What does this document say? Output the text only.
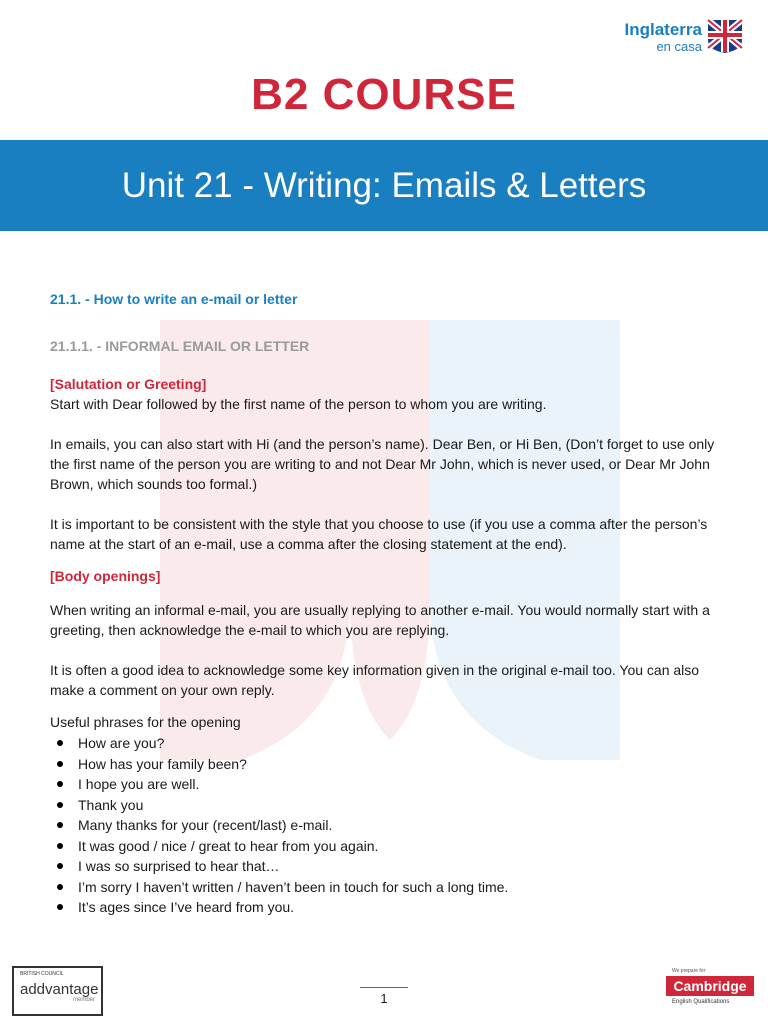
Inglaterra
en casa
B2 COURSE
Unit 21 - Writing: Emails & Letters
21.1. - How to write an e-mail or letter
21.1.1. - INFORMAL EMAIL OR LETTER
[Salutation or Greeting]
Start with Dear followed by the first name of the person to whom you are writing.
In emails, you can also start with Hi (and the person’s name). Dear Ben, or Hi Ben, (Don’t forget to use only the first name of the person you are writing to and not Dear Mr John, which is never used, or Dear Mr John Brown, which sounds too formal.)
It is important to be consistent with the style that you choose to use (if you use a comma after the person’s name at the start of an e-mail, use a comma after the closing statement at the end).
[Body openings]
When writing an informal e-mail, you are usually replying to another e-mail. You would normally start with a greeting, then acknowledge the e-mail to which you are replying.
It is often a good idea to acknowledge some key information given in the original e-mail too. You can also make a comment on your own reply.
Useful phrases for the opening
How are you?
How has your family been?
I hope you are well.
Thank you
Many thanks for your (recent/last) e-mail.
It was good / nice / great to hear from you again.
I was so surprised to hear that…
I’m sorry I haven’t written / haven’t been in touch for such a long time.
It’s ages since I’ve heard from you.
BRITISH COUNCIL
addvantage
member	1
We prepare for
Cambridge
English Qualifications
